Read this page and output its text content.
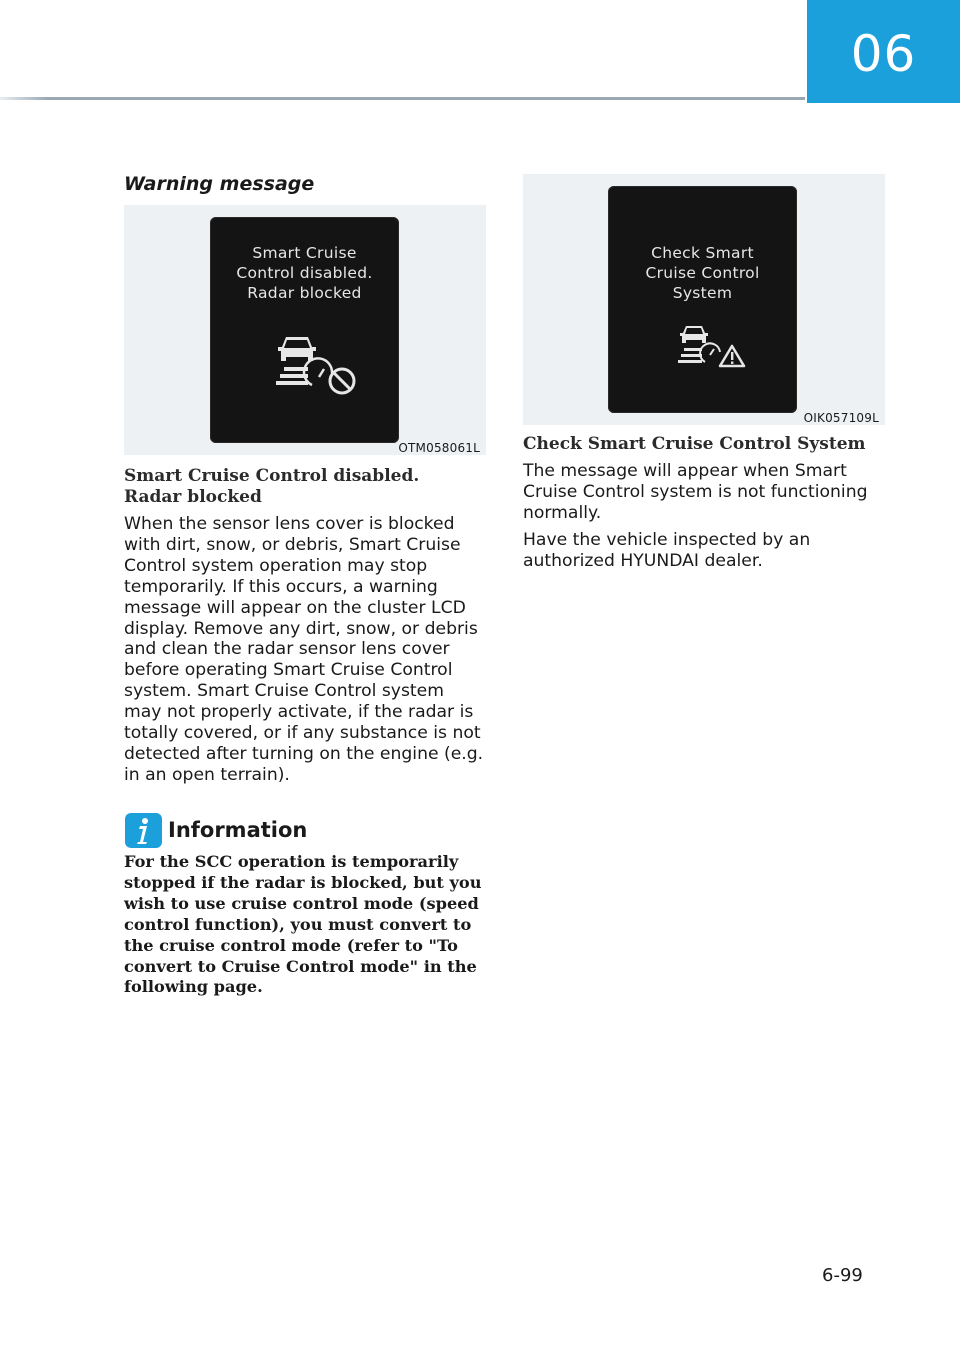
06
Warning message
Smart Cruise
Control disabled.
Radar blocked
OTM058061L
Smart Cruise Control disabled.
Radar blocked

When the sensor lens cover is blocked with dirt, snow, or debris, Smart Cruise Control system operation may stop temporarily. If this occurs, a warning message will appear on the cluster LCD display. Remove any dirt, snow, or debris and clean the radar sensor lens cover before operating Smart Cruise Control system. Smart Cruise Control system may not properly activate, if the radar is totally covered, or if any substance is not detected after turning on the engine (e.g. in an open terrain).

Information

For the SCC operation is temporarily stopped if the radar is blocked, but you wish to use cruise control mode (speed control function), you must convert to the cruise control mode (refer to "To convert to Cruise Control mode" in the following page.

Check Smart
Cruise Control
System
OIK057109L
Check Smart Cruise Control System

The message will appear when Smart Cruise Control system is not functioning normally.

Have the vehicle inspected by an authorized HYUNDAI dealer.

6-99
